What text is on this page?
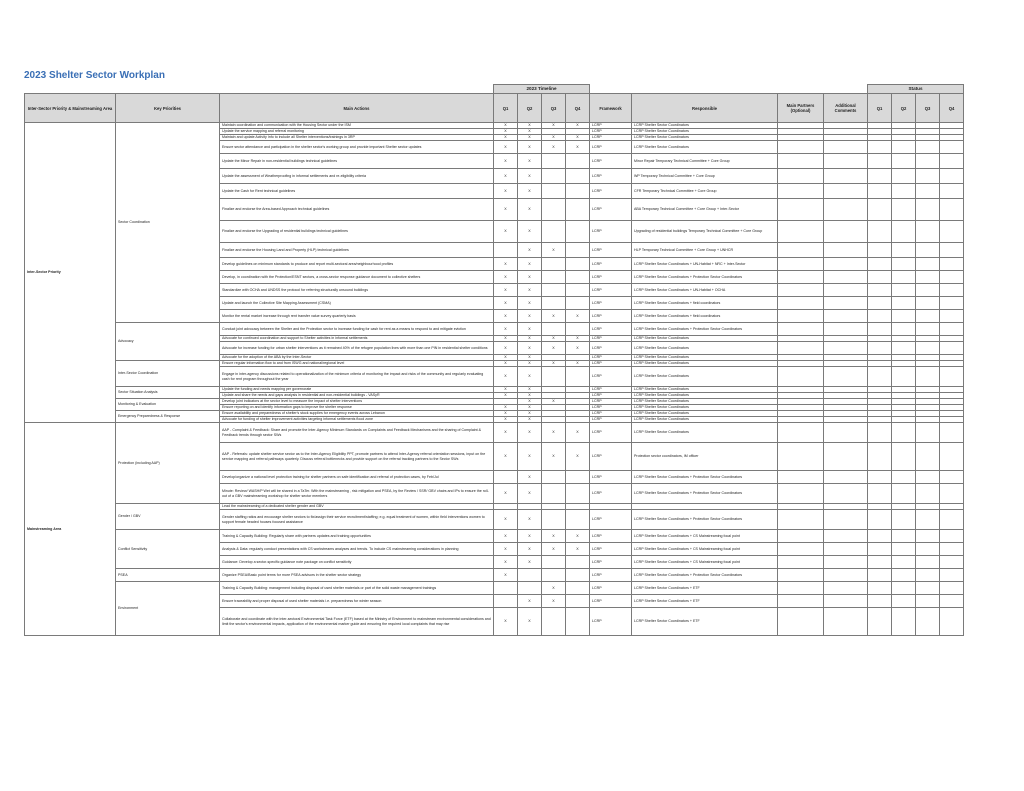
2023 Shelter Sector Workplan
			2023 Timeline								Status			
Inter-Sector Priority & Mainstreaming Area	Key Priorities	Main Actions	Q1	Q2	Q3	Q4	Framework	Responsible	Main Partners (Optional)	Additional Comments	Q1	Q2	Q3	Q4
Inter-Sector Priority	Sector Coordination	Maintain coordination and communication with the Housing Sector under the ISM	X	X	X	X	LCRP	LCRP Shelter Sector Coordinators						
		Update the service mapping and referral monitoring	X	X			LCRP	LCRP Shelter Sector Coordinators						
		Maintain and update Activity Info to include all Shelter interventions/trainings in 3RP	X	X	X	X	LCRP	LCRP Shelter Sector Coordinators						
		Ensure sector attendance and participation in the shelter sector's working group and provide important Shelter sector updates	X	X	X	X	LCRP	LCRP Shelter Sector Coordinators						
		Update the Minor Repair in non-residential buildings technical guidelines	X	X			LCRP	Minor Repair Temporary Technical Committee + Core Group						
		Update the assessment of Weatherproofing in informal settlements and re-eligibility criteria	X	X			LCRP	WP Temporary Technical Committee + Core Group						
		Update the Cash for Rent technical guidelines	X	X			LCRP	CFR Temporary Technical Committee + Core Group						
		Finalize and endorse the Area-based Approach technical guidelines	X	X			LCRP	ABA Temporary Technical Committee + Core Group + Inter-Sector						
		Finalize and endorse the Upgrading of residential buildings technical guidelines	X	X			LCRP	Upgrading of residential buildings Temporary Technical Committee + Core Group						
		Finalize and endorse the Housing Land and Property (HLP) technical guidelines		X	X		LCRP	HLP Temporary Technical Committee + Core Group + UNHCR						
		Develop guidelines on minimum standards to produce and report multi-sectoral area/neighbourhood profiles	X	X			LCRP	LCRP Shelter Sector Coordinators + UN-Habitat + NRC + Inter-Sector						
		Develop, in coordination with the Protection/ESNT sectors, a cross-sector response guidance document to collective shelters	X	X			LCRP	LCRP Shelter Sector Coordinators + Protection Sector Coordinators						
		Standardize with OCHA and UNDSS the protocol for referring structurally unsound buildings	X	X			LCRP	LCRP Shelter Sector Coordinators + UN-Habitat + OCHA						
		Update and launch the Collective Site Mapping Assessment (CSMA)	X	X			LCRP	LCRP Shelter Sector Coordinators + field coordinators						
		Monitor the rental market increase through rent transfer value survey quarterly basis	X	X	X	X	LCRP	LCRP Shelter Sector Coordinators + field coordinators						
	Advocacy	Conduct joint advocacy between the Shelter and the Protection sector to increase funding for cash for rent as a means to respond to and mitigate eviction	X	X			LCRP	LCRP Shelter Sector Coordinators + Protection Sector Coordinators						
		Advocate for continued coordination and support to Shelter activities in informal settlements	X	X	X	X	LCRP	LCRP Shelter Sector Coordinators						
		Advocate for increase funding for urban shelter interventions as it remained 40% of the refugee population lives with more than one PIN in residential shelter conditions	X	X	X	X	LCRP	LCRP Shelter Sector Coordinators						
		Advocate for the adoption of the ABA by the Inter-Sector	X	X			LCRP	LCRP Shelter Sector Coordinators						
	Inter-Sector Coordination	Ensure regular information flow to and from ISWG and national/regional level	X	X	X	X	LCRP	LCRP Shelter Sector Coordinators						
		Engage in inter-agency discussions related to operationalization of the minimum criteria of monitoring the impact and risks of the community and regularly evaluating cash for rent program throughout the year	X	X			LCRP	LCRP Shelter Sector Coordinators						
	Sector Situation Analysis	Update the funding and needs mapping per governorate	X	X			LCRP	LCRP Shelter Sector Coordinators						
		Update and share the needs and gaps analysis in residential and non-residential buildings - VASyR	X	X			LCRP	LCRP Shelter Sector Coordinators						
	Monitoring & Evaluation	Develop joint indicators at the sector level to measure the impact of shelter interventions		X	X		LCRP	LCRP Shelter Sector Coordinators						
		Ensure reporting on and identify information gaps to improve the shelter response	X	X			LCRP	LCRP Shelter Sector Coordinators						
	Emergency Preparedness & Response	Ensure availability and preparedness of shelter's stock supplies for emergency events across Lebanon	X	X			LCRP	LCRP Shelter Sector Coordinators						
		Advocate for funding of shelter improvement activities targeting informal settlements flood zone	X	X			LCRP	LCRP Shelter Sector Coordinators						
Mainstreaming Area	Protection (including AAP)	AAP - Complaint & Feedback: Share and promote the Inter-Agency Minimum Standards on Complaints and Feedback Mechanisms and the sharing of Complaint & Feedback trends through sector SWs	X	X	X	X	LCRP	LCRP Shelter Sector Coordinators						
		AAP - Referrals: update shelter service sector as to the Inter-Agency Eligibility PPT, promote partners to attend Inter-Agency referral orientation sessions, input on the service mapping and referral pathways quarterly. Discuss referral bottlenecks and provide support on the referral tracking partners to the Sector SWs	X	X	X	X	LCRP	Protection sector coordinators, IM officer						
		Develop/organize a national level protection training for shelter partners on safe identification and referral of protection cases, by Feb/Jul		X			LCRP	LCRP Shelter Sector Coordinators + Protection Sector Coordinators						
		Minute: Review/ WASH/P Wet will be shared in a TaTer. With the mainstreaming , risk mitigation and PSEA, by the Review / SSR/ GBV chairs and IPs to ensure the roll-out of a GBV mainstreaming workshop for shelter sector members	X	X			LCRP	LCRP Shelter Sector Coordinators + Protection Sector Coordinators						
	Gender / GBV	Lead the mainstreaming of a dedicated shelter gender and GBV												
		Gender staffing ratios and encourage shelter sectors to fix/assign their service recruitment/staffing; e.g. equal treatment of women, within field interventions women to support female headed houses focused assistance	X	X			LCRP	LCRP Shelter Sector Coordinators + Protection Sector Coordinators						
	Conflict Sensitivity	Training & Capacity Building: Regularly share with partners updates and training opportunities	X	X	X	X	LCRP	LCRP Shelter Sector Coordinators + CS Mainstreaming focal point						
		Analysis & Data: regularly conduct presentations with CS workstreams analyses and trends. To include CS mainstreaming considerations in planning	X	X	X	X	LCRP	LCRP Shelter Sector Coordinators + CS Mainstreaming focal point						
		Guidance: Develop a sector-specific guidance note package on conflict sensitivity	X	X			LCRP	LCRP Shelter Sector Coordinators + CS Mainstreaming focal point						
	PSEA	Organize PSEA/Basic point terms for more PSEA advisors in the shelter sector strategy	X				LCRP	LCRP Shelter Sector Coordinators + Protection Sector Coordinators						
	Environment	Training & Capacity Building: management including disposal of used shelter materials or part of the solid waste management trainings			X		LCRP	LCRP Shelter Sector Coordinators + ETF						
		Ensure traceability and proper disposal of used shelter materials i.e. preparedness for winter season		X	X		LCRP	LCRP Shelter Sector Coordinators + ETF						
		Collaborate and coordinate with the inter-sectoral Environmental Task Force (ETF) based at the Ministry of Environment to mainstream environmental considerations and limit the sector's environmental impacts, application of the environmental marker guide and ensuring the required local complaints that may rise	X	X			LCRP	LCRP Shelter Sector Coordinators + ETF						
